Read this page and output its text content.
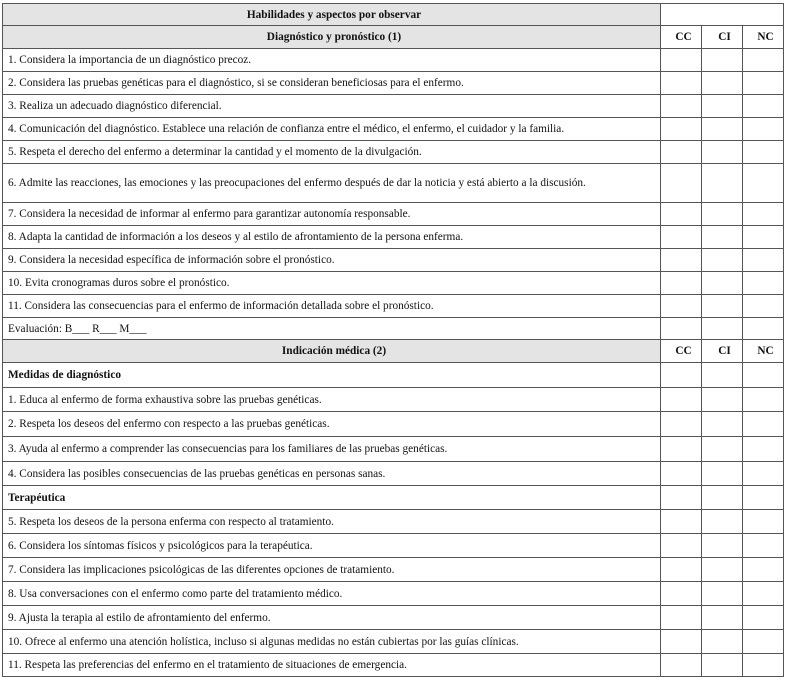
Habilidades y aspectos por observar			
Diagnóstico y pronóstico (1)	CC	CI	NC
1. Considera la importancia de un diagnóstico precoz.			
2. Considera las pruebas genéticas para el diagnóstico, si se consideran beneficiosas para el enfermo.			
3. Realiza un adecuado diagnóstico diferencial.			
4. Comunicación del diagnóstico. Establece una relación de confianza entre el médico, el enfermo, el cuidador y la familia.			
5. Respeta el derecho del enfermo a determinar la cantidad y el momento de la divulgación.			
6. Admite las reacciones, las emociones y las preocupaciones del enfermo después de dar la noticia y está abierto a la discusión.			
7. Considera la necesidad de informar al enfermo para garantizar autonomía responsable.			
8. Adapta la cantidad de información a los deseos y al estilo de afrontamiento de la persona enferma.			
9. Considera la necesidad específica de información sobre el pronóstico.			
10. Evita cronogramas duros sobre el pronóstico.			
11. Considera las consecuencias para el enfermo de información detallada sobre el pronóstico.			
Evaluación: B___ R___ M___			
Indicación médica (2)	CC	CI	NC
Medidas de diagnóstico			
1. Educa al enfermo de forma exhaustiva sobre las pruebas genéticas.			
2. Respeta los deseos del enfermo con respecto a las pruebas genéticas.			
3. Ayuda al enfermo a comprender las consecuencias para los familiares de las pruebas genéticas.			
4. Considera las posibles consecuencias de las pruebas genéticas en personas sanas.			
Terapéutica			
5. Respeta los deseos de la persona enferma con respecto al tratamiento.			
6. Considera los síntomas físicos y psicológicos para la terapéutica.			
7. Considera las implicaciones psicológicas de las diferentes opciones de tratamiento.			
8. Usa conversaciones con el enfermo como parte del tratamiento médico.			
9. Ajusta la terapia al estilo de afrontamiento del enfermo.			
10. Ofrece al enfermo una atención holística, incluso si algunas medidas no están cubiertas por las guías clínicas.			
11. Respeta las preferencias del enfermo en el tratamiento de situaciones de emergencia.			
